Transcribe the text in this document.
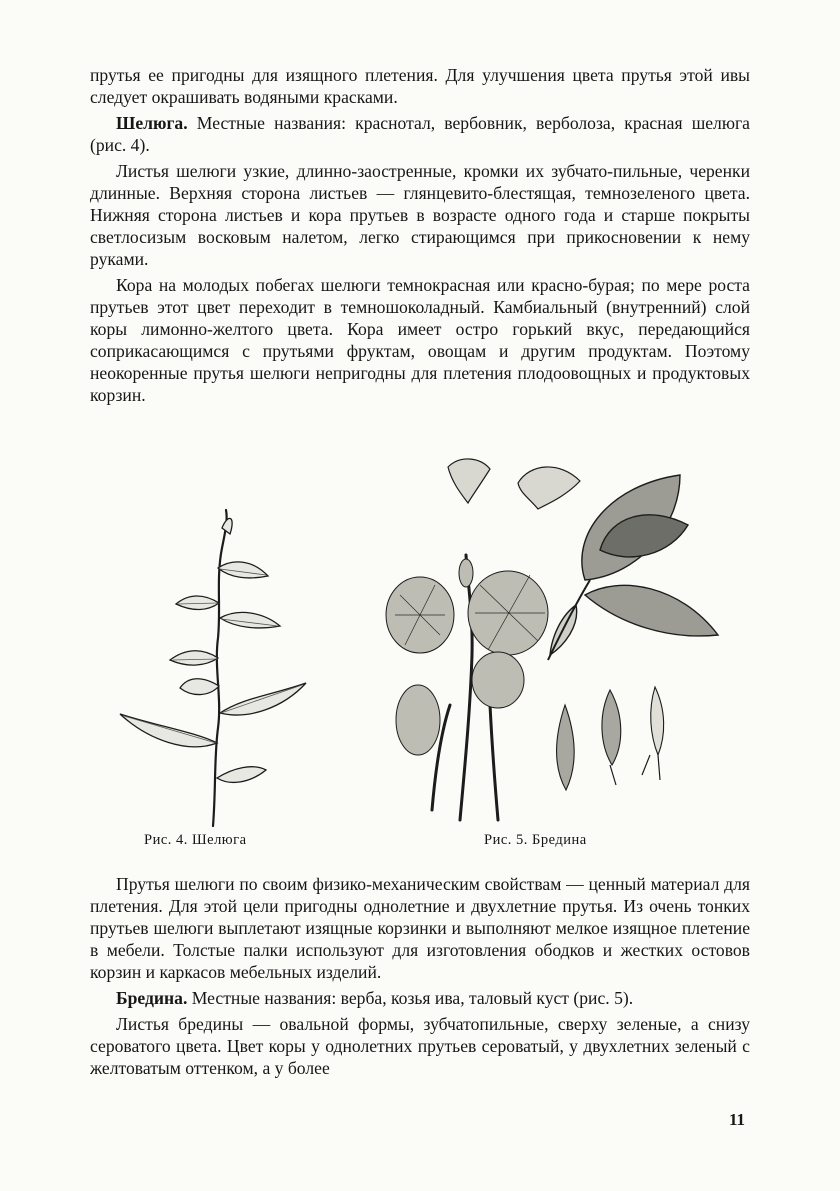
прутья ее пригодны для изящного плетения. Для улучшения цвета прутья этой ивы следует окрашивать водяными красками.

Шелюга. Местные названия: краснотал, вербовник, верболоза, красная шелюга (рис. 4).

Листья шелюги узкие, длинно-заостренные, кромки их зубчато-пильные, черенки длинные. Верхняя сторона листьев — глянцевито-блестящая, темнозеленого цвета. Нижняя сторона листьев и кора прутьев в возрасте одного года и старше покрыты светлосизым восковым налетом, легко стирающимся при прикосновении к нему руками.

Кора на молодых побегах шелюги темнокрасная или красно-бурая; по мере роста прутьев этот цвет переходит в темношоколадный. Камбиальный (внутренний) слой коры лимонно-желтого цвета. Кора имеет остро горький вкус, передающийся соприкасающимся с прутьями фруктам, овощам и другим продуктам. Поэтому неокоренные прутья шелюги непригодны для плетения плодоовощных и продуктовых корзин.

Рис. 4. Шелюга	Рис. 5. Бредина

Прутья шелюги по своим физико-механическим свойствам — ценный материал для плетения. Для этой цели пригодны однолетние и двухлетние прутья. Из очень тонких прутьев шелюги выплетают изящные корзинки и выполняют мелкое изящное плетение в мебели. Толстые палки используют для изготовления ободков и жестких остовов корзин и каркасов мебельных изделий.

Бредина. Местные названия: верба, козья ива, таловый куст (рис. 5).

Листья бредины — овальной формы, зубчатопильные, сверху зеленые, а снизу сероватого цвета. Цвет коры у однолетних прутьев сероватый, у двухлетних зеленый с желтоватым оттенком, а у более

11
